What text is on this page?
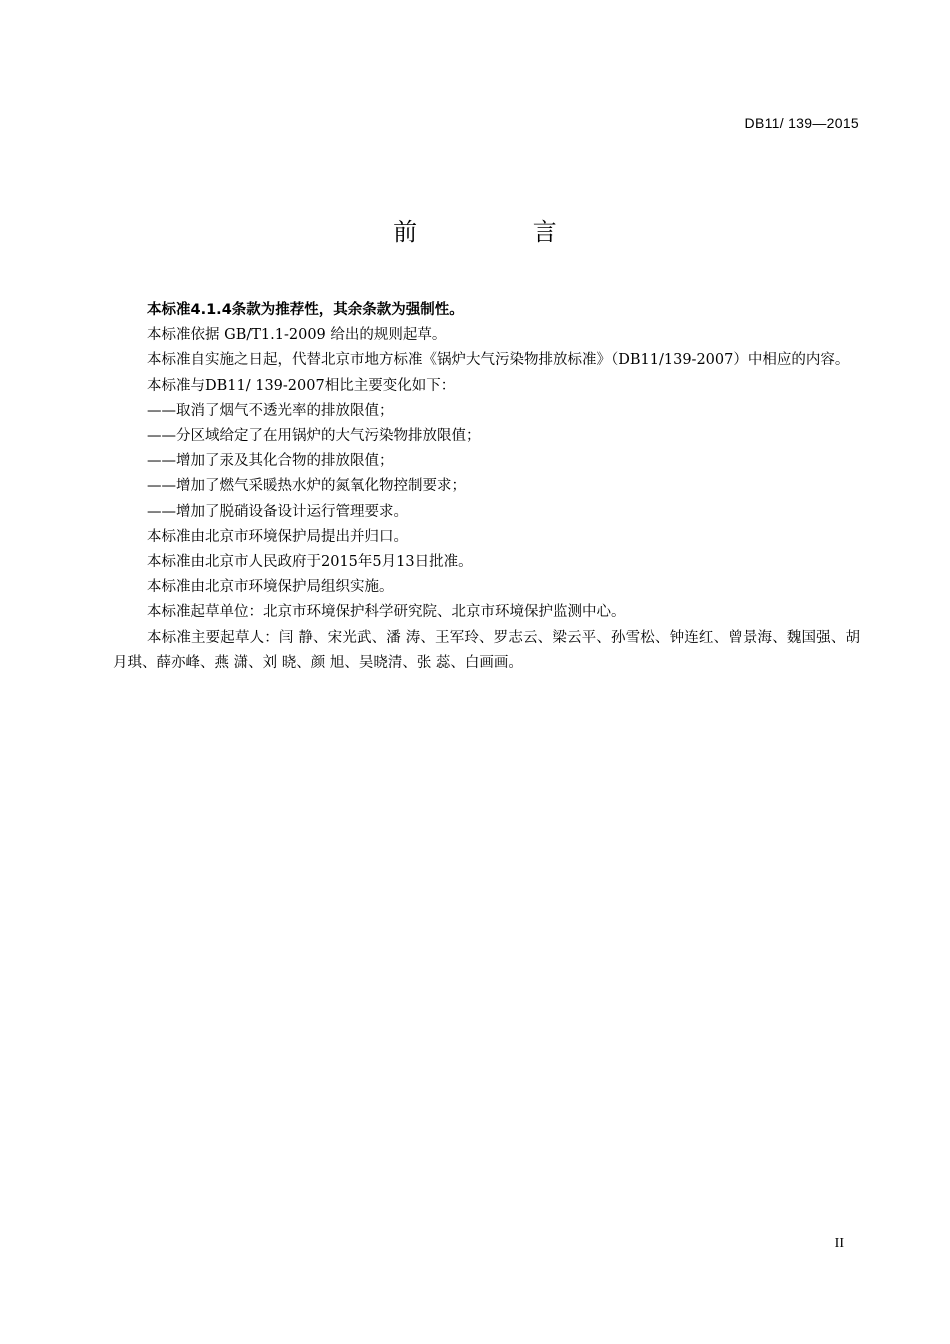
DB11/ 139—2015
前 言

本标准4.1.4条款为推荐性，其余条款为强制性。

本标准依据 GB/T1.1-2009 给出的规则起草。

本标准自实施之日起，代替北京市地方标准《锅炉大气污染物排放标准》（DB11/139-2007）中相应的内容。

本标准与DB11/ 139-2007相比主要变化如下：

——取消了烟气不透光率的排放限值；

——分区域给定了在用锅炉的大气污染物排放限值；

——增加了汞及其化合物的排放限值；

——增加了燃气采暖热水炉的氮氧化物控制要求；

——增加了脱硝设备设计运行管理要求。

本标准由北京市环境保护局提出并归口。

本标准由北京市人民政府于2015年5月13日批准。

本标准由北京市环境保护局组织实施。

本标准起草单位：北京市环境保护科学研究院、北京市环境保护监测中心。

本标准主要起草人：闫 静、宋光武、潘 涛、王军玲、罗志云、梁云平、孙雪松、钟连红、曾景海、魏国强、胡月琪、薛亦峰、燕 潇、刘 晓、颜 旭、吴晓清、张 蕊、白画画。

II
